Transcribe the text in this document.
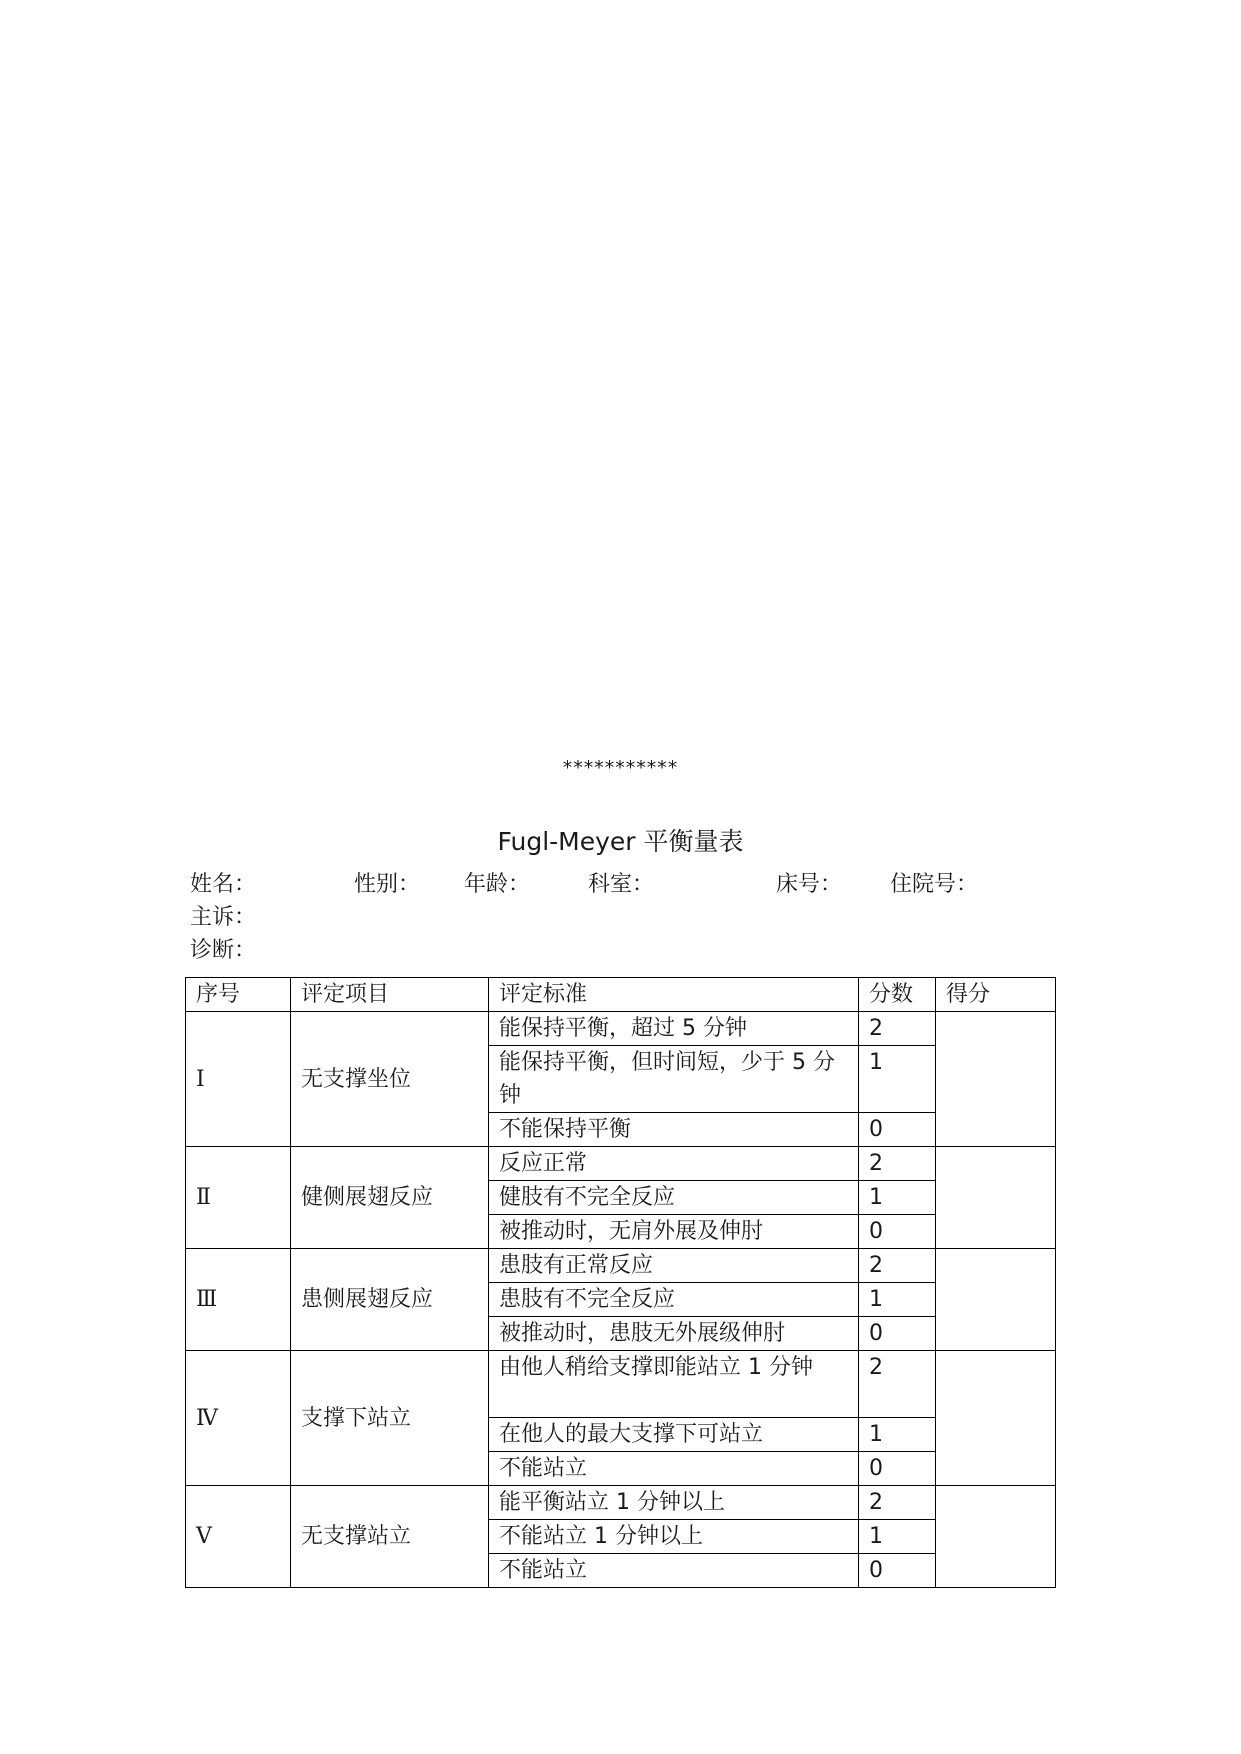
***********
Fugl-Meyer 平衡量表
姓名：	性别： 年龄：	科室：	床号： 住院号：
主诉：
诊断：
序号	评定项目	评定标准	分数	得分
Ⅰ	无支撑坐位	能保持平衡，超过 5 分钟	2	
		能保持平衡，但时间短，少于 5 分钟	1	
		不能保持平衡	0	
Ⅱ	健侧展翅反应	反应正常	2	
		健肢有不完全反应	1	
		被推动时，无肩外展及伸肘	0	
Ⅲ	患侧展翅反应	患肢有正常反应	2	
		患肢有不完全反应	1	
		被推动时，患肢无外展级伸肘	0	
Ⅳ	支撑下站立	由他人稍给支撑即能站立 1 分钟	2	
		在他人的最大支撑下可站立	1	
		不能站立	0	
Ⅴ	无支撑站立	能平衡站立 1 分钟以上	2	
		不能站立 1 分钟以上	1	
		不能站立	0	
